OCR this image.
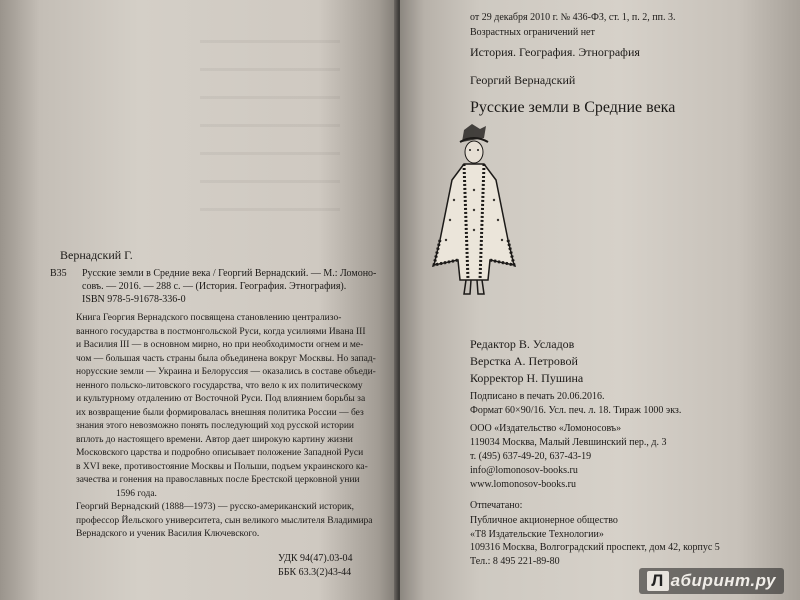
Вернадский Г.
В35 Русские земли в Средние века / Георгий Вернадский. — М.: Ломоно-
совъ. — 2016. — 288 с. — (История. География. Этнография).
ISBN 978-5-91678-336-0

Книга Георгия Вернадского посвящена становлению централизо-

ванного государства в постмонгольской Руси, когда усилиями Ивана III

и Василия III — в основном мирно, но при необходимости огнем и ме-

чом — большая часть страны была объединена вокруг Москвы. Но запад-

норусские земли — Украина и Белоруссия — оказались в составе объеди-

ненного польско-литовского государства, что вело к их политическому

и культурному отдалению от Восточной Руси. Под влиянием борьбы за

их возвращение были формировалась внешняя политика России — без

знания этого невозможно понять последующий ход русской истории

вплоть до настоящего времени. Автор дает широкую картину жизни

Московского царства и подробно описывает положение Западной Руси

в XVI веке, противостояние Москвы и Польши, подъем украинского ка-

зачества и гонения на православных после Брестской церковной унии

1596 года.

Георгий Вернадский (1888—1973) — русско-американский историк,

профессор Йельского университета, сын великого мыслителя Владимира

Вернадского и ученик Василия Ключевского.

УДК 94(47).03-04
ББК 63.3(2)43-44
от 29 декабря 2010 г. № 436-ФЗ, ст. 1, п. 2, пп. 3.
Возрастных ограничений нет
История. География. Этнография
Георгий Вернадский
Русские земли в Средние века

Редактор В. Усладов

Верстка А. Петровой

Корректор Н. Пушина

Подписано в печать 20.06.2016.

Формат 60×90/16. Усл. печ. л. 18. Тираж 1000 экз.

ООО «Издательство «Ломоносовъ»

119034 Москва, Малый Левшинский пер., д. 3

т. (495) 637-49-20, 637-43-19

info@lomonosov-books.ru

www.lomonosov-books.ru

Отпечатано:

Публичное акционерное общество

«Т8 Издательские Технологии»

109316 Москва, Волгоградский проспект, дом 42, корпус 5

Тел.: 8 495 221-89-80

Л абиринт.ру
